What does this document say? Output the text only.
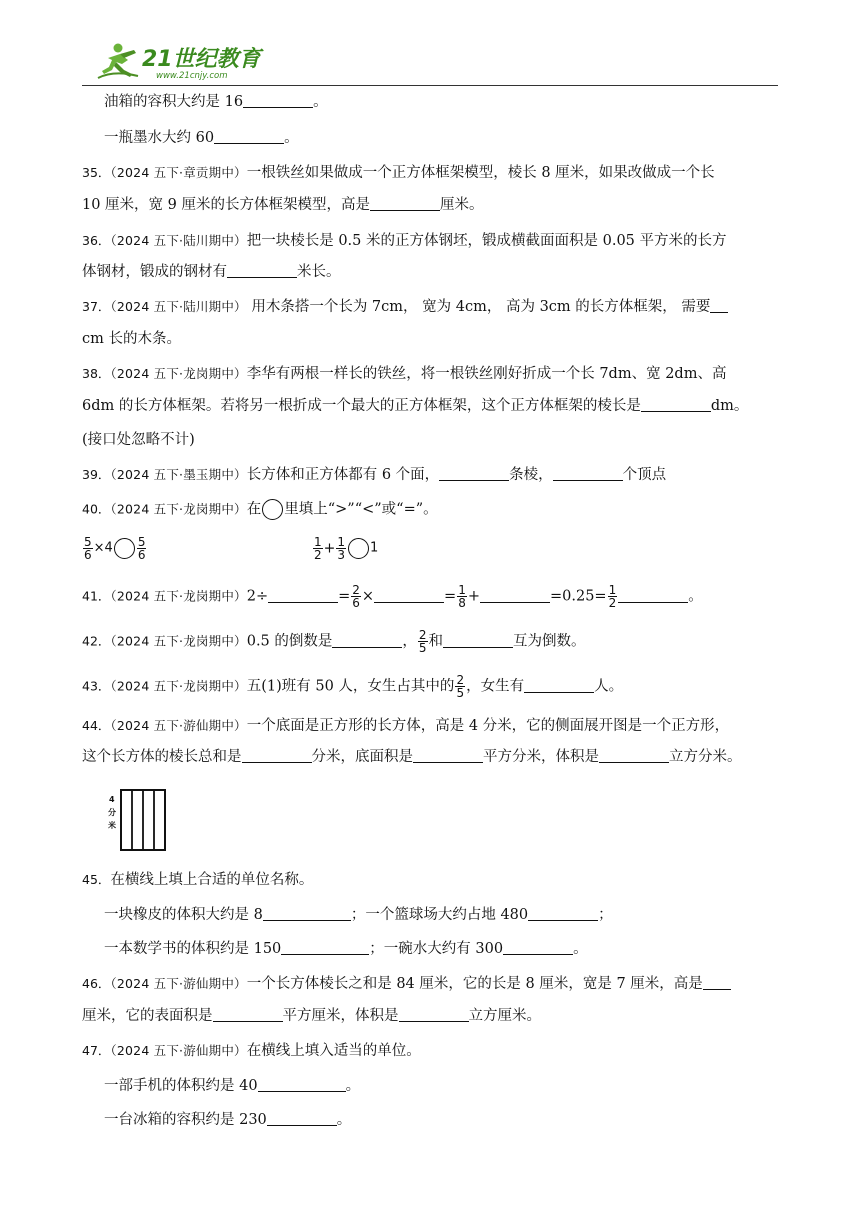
21世纪教育
www.21cnjy.com
油箱的容积大约是 16	。
一瓶墨水大约 60	。
35．（2024 五下·章贡期中）一根铁丝如果做成一个正方体框架模型，棱长 8 厘米，如果改做成一个长
10 厘米，宽 9 厘米的长方体框架模型，高是	厘米。
36．（2024 五下·陆川期中）把一块棱长是 0.5 米的正方体钢坯，锻成横截面面积是 0.05 平方米的长方
体钢材，锻成的钢材有	米长。
37．（2024 五下·陆川期中） 用木条搭一个长为 7cm， 宽为 4cm， 高为 3cm 的长方体框架， 需要
cm 长的木条。
38．（2024 五下·龙岗期中）李华有两根一样长的铁丝，将一根铁丝刚好折成一个长 7dm、宽 2dm、高
6dm 的长方体框架。若将另一根折成一个最大的正方体框架，这个正方体框架的棱长是	dm。
(接口处忽略不计)
39．（2024 五下·墨玉期中）长方体和正方体都有 6 个面，	条棱，	个顶点
40．（2024 五下·龙岗期中）在 里填上“>”“<”或“=”。
$\frac{5}{6} \times 4 \frac{5}{6}$	$\frac{1}{2} + \frac{1}{3} 1$
41．（2024 五下·龙岗期中）2÷	= $\frac{2}{6}$ ×	= $\frac{1}{8}$ +	$=0.25= \frac{1}{2}$	。
42．（2024 五下·龙岗期中）0.5 的倒数是	， $\frac{2}{5}$ 和	互为倒数。
43．（2024 五下·龙岗期中）五(1)班有 50 人，女生占其中的 $\frac{2}{5}$ ，女生有	人。
44．（2024 五下·游仙期中）一个底面是正方形的长方体，高是 4 分米，它的侧面展开图是一个正方形，
这个长方体的棱长总和是	分米，底面积是	平方分米，体积是	立方分米。
4
分
米
45．在横线上填上合适的单位名称。
一块橡皮的体积大约是 8	；一个篮球场大约占地 480	；
一本数学书的体积约是 150	；一碗水大约有 300	。
46．（2024 五下·游仙期中）一个长方体棱长之和是 84 厘米，它的长是 8 厘米，宽是 7 厘米，高是
厘米，它的表面积是	平方厘米，体积是	立方厘米。
47．（2024 五下·游仙期中）在横线上填入适当的单位。
一部手机的体积约是 40	。
一台冰箱的容积约是 230	。
